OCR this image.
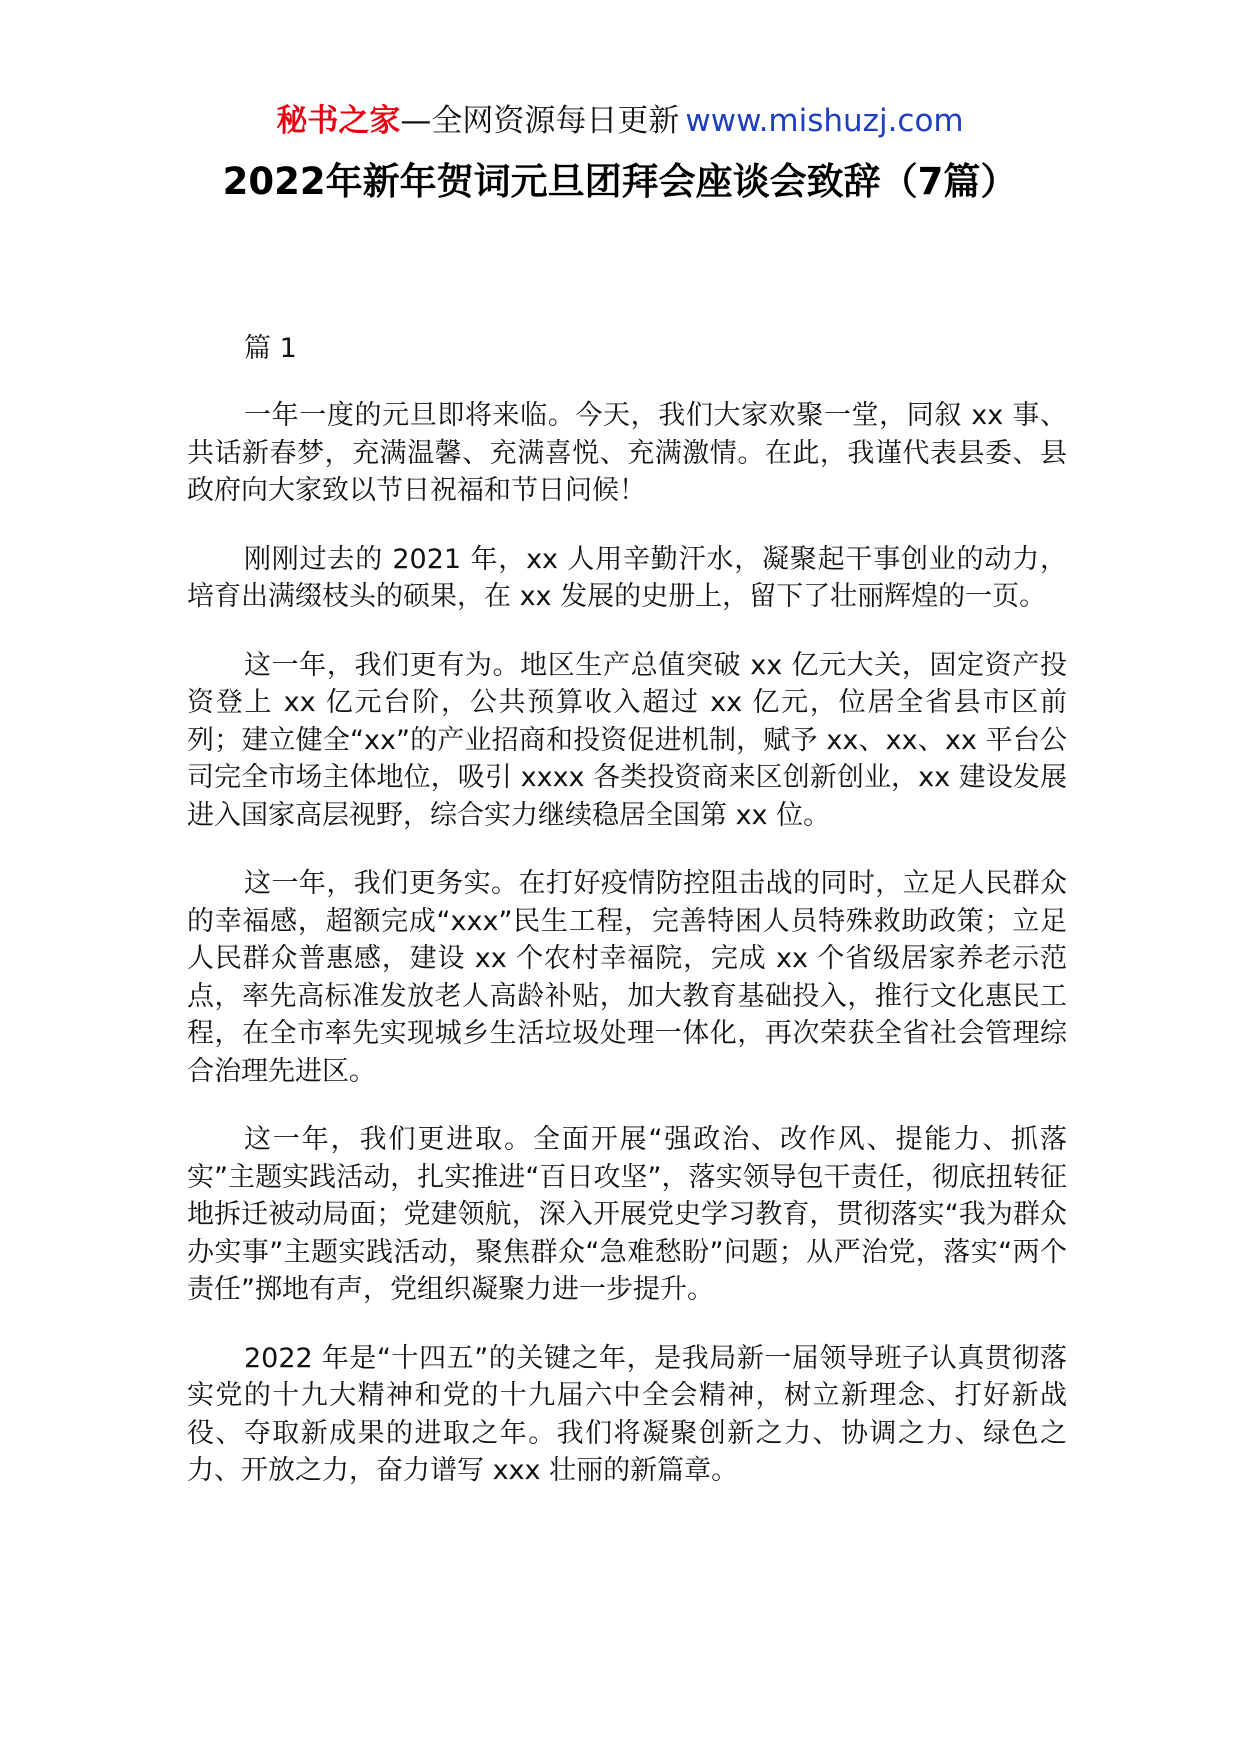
秘书之家—全网资源每日更新 www.mishuzj.com
2022年新年贺词元旦团拜会座谈会致辞（7篇）

篇 1

一年一度的元旦即将来临。今天，我们大家欢聚一堂，同叙 xx 事、共话新春梦，充满温馨、充满喜悦、充满激情。在此，我谨代表县委、县政府向大家致以节日祝福和节日问候！

刚刚过去的 2021 年，xx 人用辛勤汗水，凝聚起干事创业的动力，培育出满缀枝头的硕果，在 xx 发展的史册上，留下了壮丽辉煌的一页。

这一年，我们更有为。地区生产总值突破 xx 亿元大关，固定资产投资登上 xx 亿元台阶，公共预算收入超过 xx 亿元，位居全省县市区前列；建立健全“xx”的产业招商和投资促进机制，赋予 xx、xx、xx 平台公司完全市场主体地位，吸引 xxxx 各类投资商来区创新创业，xx 建设发展进入国家高层视野，综合实力继续稳居全国第 xx 位。

这一年，我们更务实。在打好疫情防控阻击战的同时，立足人民群众的幸福感，超额完成“xxx”民生工程，完善特困人员特殊救助政策；立足人民群众普惠感，建设 xx 个农村幸福院，完成 xx 个省级居家养老示范点，率先高标准发放老人高龄补贴，加大教育基础投入，推行文化惠民工程，在全市率先实现城乡生活垃圾处理一体化，再次荣获全省社会管理综合治理先进区。

这一年，我们更进取。全面开展“强政治、改作风、提能力、抓落实”主题实践活动，扎实推进“百日攻坚”，落实领导包干责任，彻底扭转征地拆迁被动局面；党建领航，深入开展党史学习教育，贯彻落实“我为群众办实事”主题实践活动，聚焦群众“急难愁盼”问题；从严治党，落实“两个责任”掷地有声，党组织凝聚力进一步提升。

2022 年是“十四五”的关键之年，是我局新一届领导班子认真贯彻落实党的十九大精神和党的十九届六中全会精神，树立新理念、打好新战役、夺取新成果的进取之年。我们将凝聚创新之力、协调之力、绿色之力、开放之力，奋力谱写 xxx 壮丽的新篇章。
